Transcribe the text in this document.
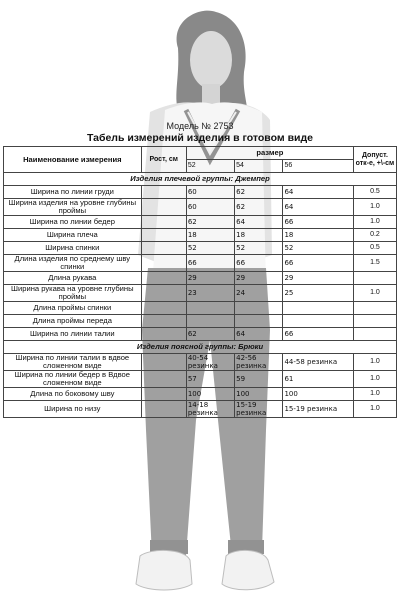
Модель № 2753
Табель измерений изделия в готовом виде
Наименование измерения	Рост, см	размер			Допуст. отк-е, +\-см
		52	54	56	
Изделия плечевой группы: Джемпер					
Ширина по линии груди		60	62	64	0.5
Ширина изделия на уровне глубины проймы		60	62	64	1.0
Ширина по линии бедер		62	64	66	1.0
Ширина плеча		18	18	18	0.2
Ширина спинки		52	52	52	0.5
Длина изделия по среднему шву спинки		66	66	66	1.5
Длина рукава		29	29	29	
Ширина рукава на уровне глубины проймы		23	24	25	1.0
Длина проймы спинки					
Длина проймы переда					
Ширина по линии талии		62	64	66	
Изделия поясной группы: Брюки					
Ширина по линии талии в вдвое сложенном виде		40-54 резинка	42-56 резинка	44-58 резинка	1.0
Ширина по линии бедер в Вдвое сложенном виде		57	59	61	1.0
Длина по боковому шву		100	100	100	1.0
Ширина по низу		14-18 резинка	15-19 резинка	15-19 резинка	1.0
